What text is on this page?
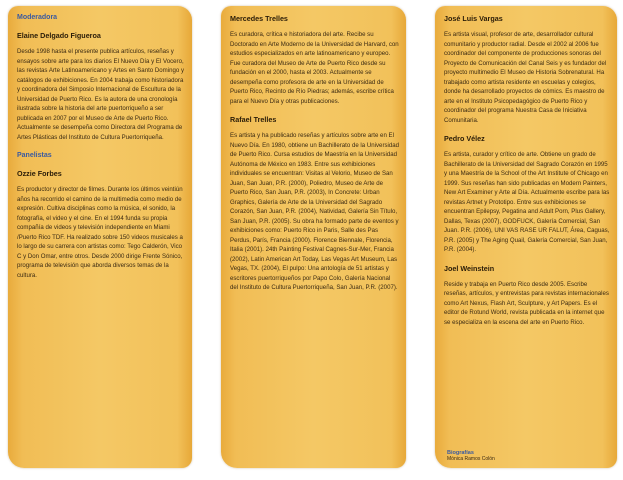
Moderadora
Elaine Delgado Figueroa
Desde 1998 hasta el presente publica artículos, reseñas y ensayos sobre arte para los diarios El Nuevo Día y El Vocero, las revistas Arte Latinoamericano y Artes en Santo Domingo y catálogos de exhibiciones. En 2004 trabaja como historiadora y coordinadora del Simposio Internacional de Escultura de la Universidad de Puerto Rico. Es la autora de una cronología ilustrada sobre la historia del arte puertorriqueño a ser publicada en 2007 por el Museo de Arte de Puerto Rico. Actualmente se desempeña como Directora del Programa de Artes Plásticas del Instituto de Cultura Puertorriqueña.
Panelistas
Ozzie Forbes
Es productor y director de filmes. Durante los últimos veintiún años ha recorrido el camino de la multimedia como medio de expresión. Cultiva disciplinas como la música, el sonido, la fotografía, el video y el cine. En el 1994 funda su propia compañía de videos y televisión independiente en Miami /Puerto Rico TDF. Ha realizado sobre 150 videos musicales a lo largo de su carrera con artistas como: Tego Calderón, Vico C y Don Omar, entre otros. Desde 2000 dirige Frente Sónico, programa de televisión que aborda diversos temas de la cultura.
Mercedes Trelles
Es curadora, crítica e historiadora del arte. Recibe su Doctorado en Arte Moderno de la Universidad de Harvard, con estudios especializados en arte latinoamericano y europeo. Fue curadora del Museo de Arte de Puerto Rico desde su fundación en el 2000, hasta el 2003. Actualmente se desempeña como profesora de arte en la Universidad de Puerto Rico, Recinto de Río Piedras; además, escribe crítica para el Nuevo Día y otras publicaciones.
Rafael Trelles
Es artista y ha publicado reseñas y artículos sobre arte en El Nuevo Día. En 1980, obtiene un Bachillerato de la Universidad de Puerto Rico. Cursa estudios de Maestría en la Universidad Autónoma de México en 1983. Entre sus exhibiciones individuales se encuentran: Visitas al Velorio, Museo de San Juan, San Juan, P.R. (2000), Poliedro, Museo de Arte de Puerto Rico, San Juan, P.R. (2003), In Concrete: Urban Graphics, Galería de Arte de la Universidad del Sagrado Corazón, San Juan, P.R. (2004), Natividad, Galería Sin Título, San Juan, P.R. (2005). Su obra ha formado parte de eventos y exhibiciones como: Puerto Rico in Paris, Salle des Pas Perdus, París, Francia (2000). Florence Biennale, Florencia, Italia (2001). 24th Painting Festival Cagnes-Sur-Mer, Francia (2002), Latin American Art Today, Las Vegas Art Museum, Las Vegas, TX. (2004), El pulpo: Una antología de 51 artistas y escritores puertorriqueños por Papo Colo, Galería Nacional del Instituto de Cultura Puertorriqueña, San Juan, P.R. (2007).
José Luis Vargas
Es artista visual, profesor de arte, desarrollador cultural comunitario y productor radial. Desde el 2002 al 2006 fue coordinador del componente de producciones sonoras del Proyecto de Comunicación del Canal Seis y es fundador del proyecto multimedio El Museo de Historia Sobrenatural. Ha trabajado como artista residente en escuelas y colegios, donde ha desarrollado proyectos de cómics. Es maestro de arte en el Instituto Psicopedagógico de Puerto Rico y coordinador del programa Nuestra Casa de Iniciativa Comunitaria.
Pedro Vélez
Es artista, curador y crítico de arte. Obtiene un grado de Bachillerato de la Universidad del Sagrado Corazón en 1995 y una Maestría de la School of the Art Institute of Chicago en 1999. Sus reseñas han sido publicadas en Modern Painters, New Art Examiner y Arte al Día. Actualmente escribe para las revistas Artnet y Prototipo. Entre sus exhibiciones se encuentran Epilepsy, Pegatina and Adult Porn, Plus Gallery, Dallas, Texas (2007), GODFUCK, Galería Comercial, San Juan. P.R. (2006), UNI VAS RASE UR FALUT, Área, Caguas, P.R. (2005) y The Aging Quail, Galería Comercial, San Juan, P.R. (2004).
Joel Weinstein
Reside y trabaja en Puerto Rico desde 2005. Escribe reseñas, artículos, y entrevistas para revistas internacionales como Art Nexus, Flash Art, Sculpture, y Art Papers. Es el editor de Rotund World, revista publicada en la internet que se especializa en la escena del arte en Puerto Rico.
Biografías
Mónica Ramos Colón
